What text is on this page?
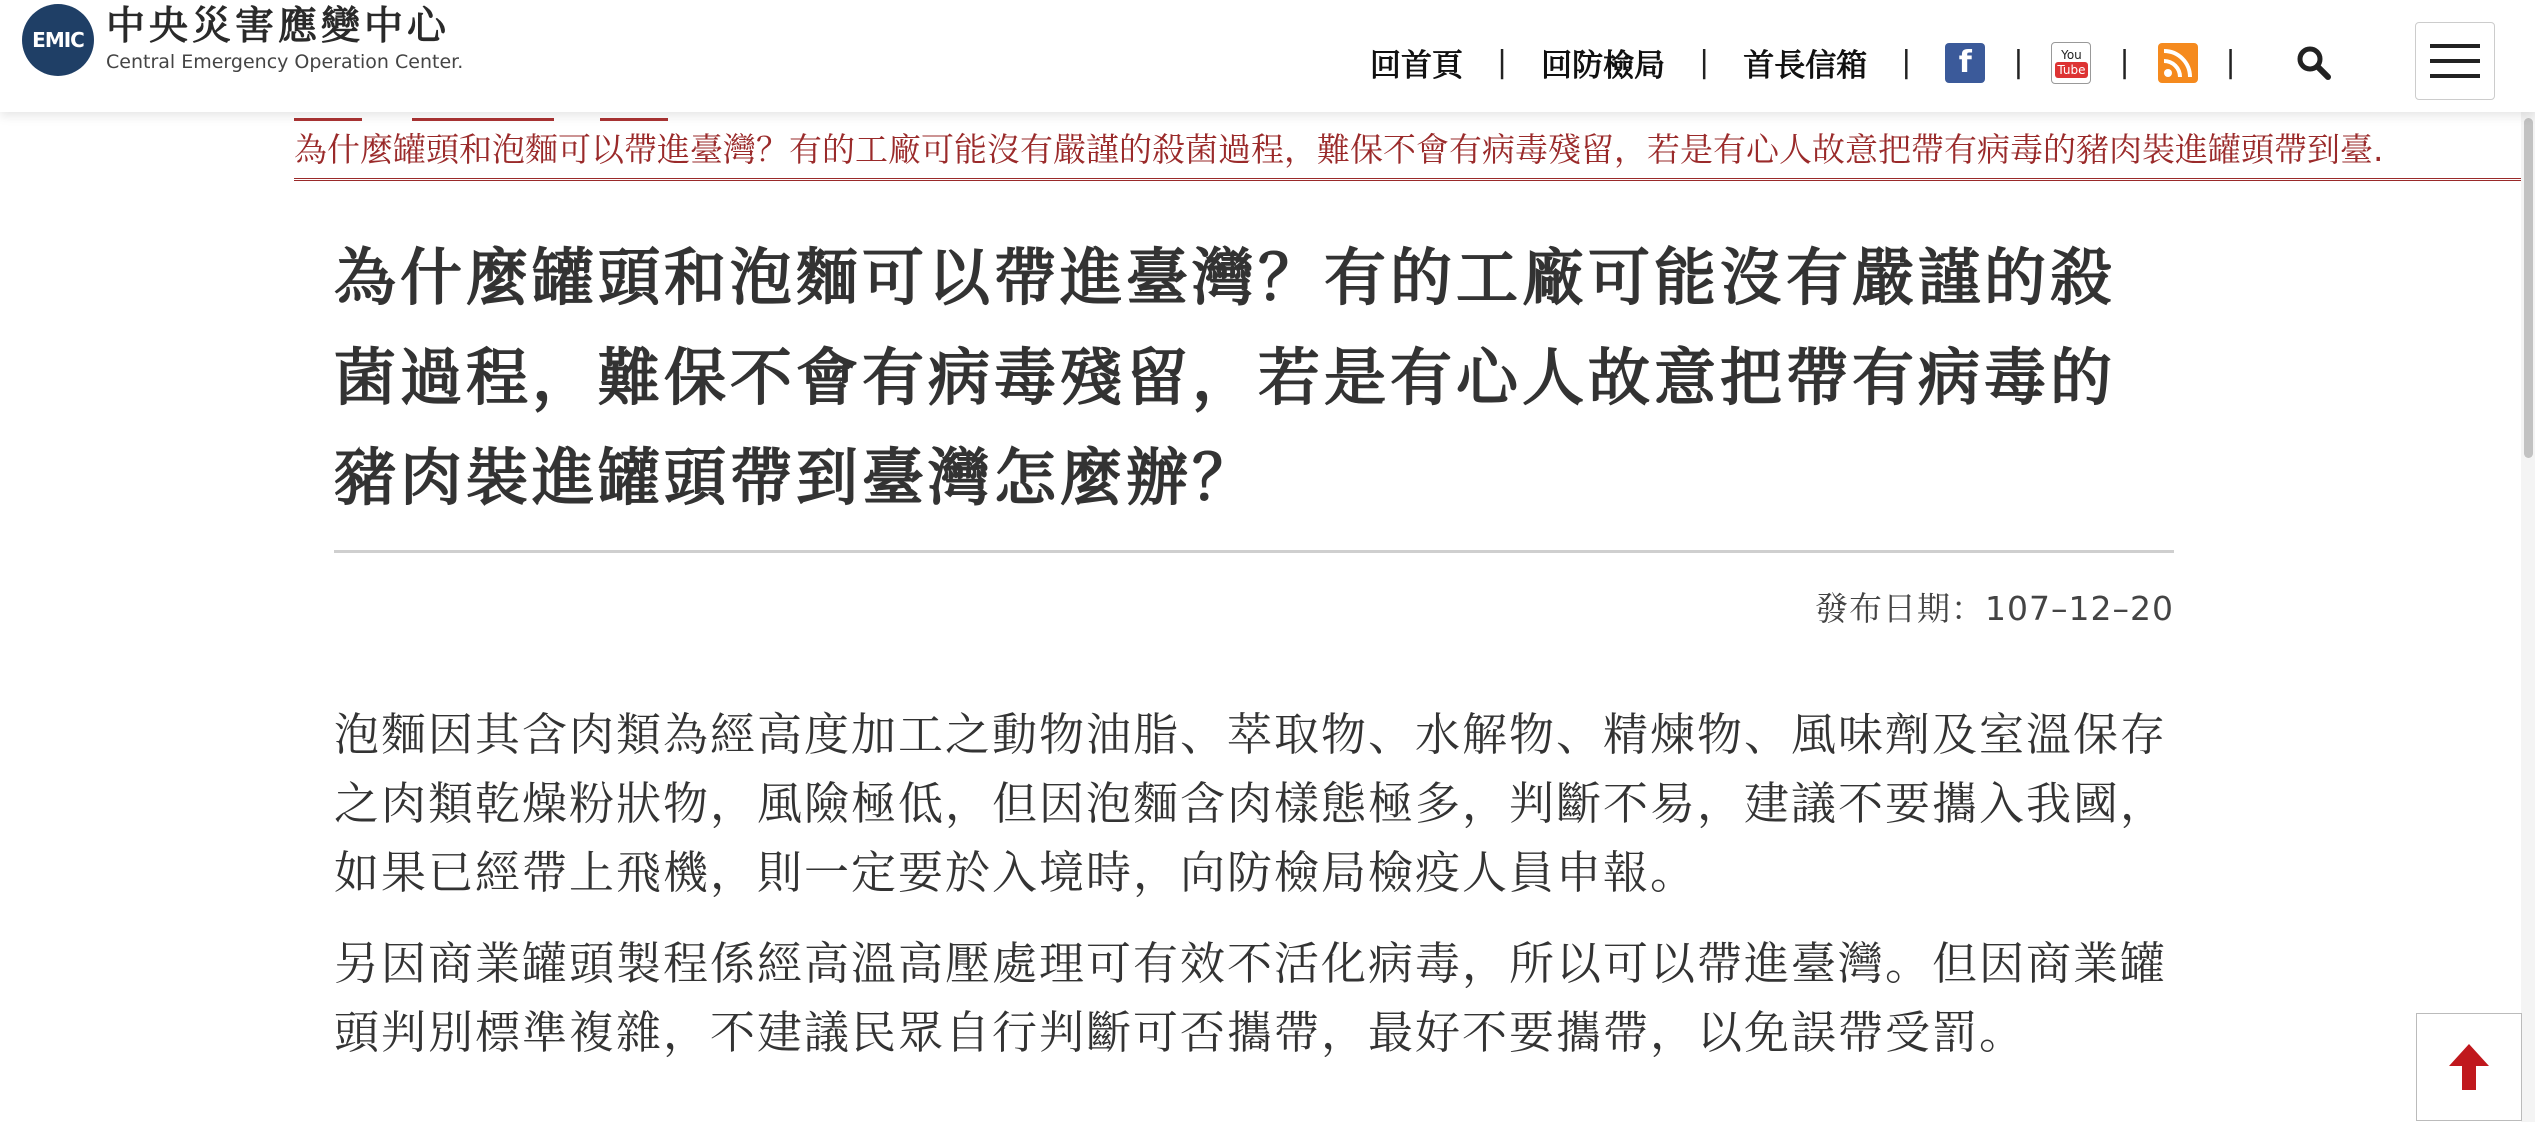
EMIC 中央災害應變中心
Central Emergency Operation Center.	回首頁 | 回防檢局 | 首長信箱 |	f	|	You
Tube |	|
為什麼罐頭和泡麵可以帶進臺灣？有的工廠可能沒有嚴謹的殺菌過程，難保不會有病毒殘留，若是有心人故意把帶有病毒的豬肉裝進罐頭帶到臺.
為什麼罐頭和泡麵可以帶進臺灣？有的工廠可能沒有嚴謹的殺菌過程，難保不會有病毒殘留，若是有心人故意把帶有病毒的豬肉裝進罐頭帶到臺灣怎麼辦？
發布日期：107–12–20

泡麵因其含肉類為經高度加工之動物油脂、萃取物、水解物、精煉物、風味劑及室溫保存之肉類乾燥粉狀物，風險極低，但因泡麵含肉樣態極多，判斷不易，建議不要攜入我國，如果已經帶上飛機，則一定要於入境時，向防檢局檢疫人員申報。

另因商業罐頭製程係經高溫高壓處理可有效不活化病毒，所以可以帶進臺灣。但因商業罐頭判別標準複雜，不建議民眾自行判斷可否攜帶，最好不要攜帶，以免誤帶受罰。
